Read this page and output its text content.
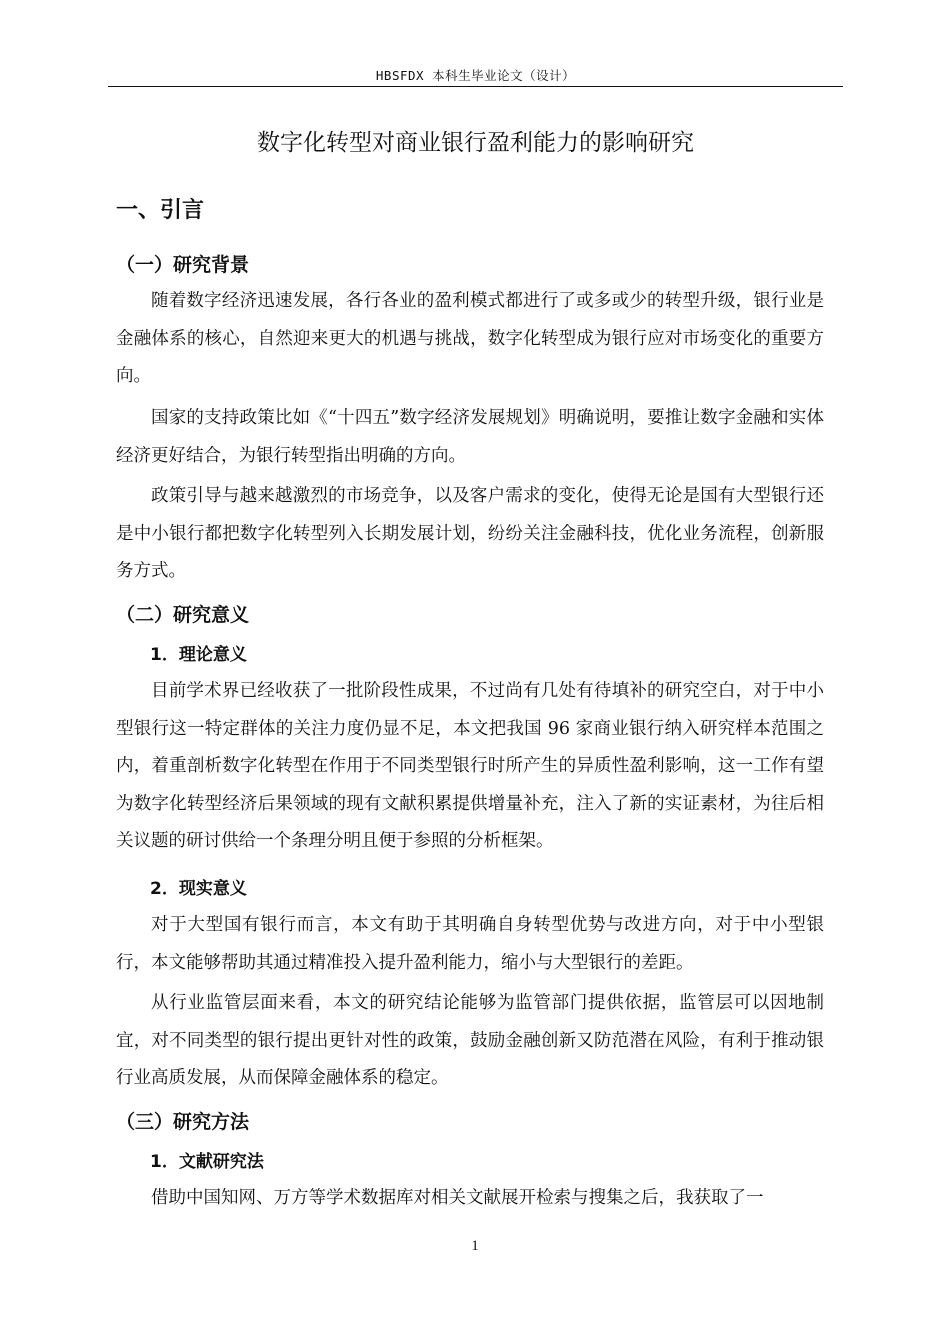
HBSFDX 本科生毕业论文（设计）
数字化转型对商业银行盈利能力的影响研究
一、引言
（一）研究背景

随着数字经济迅速发展，各行各业的盈利模式都进行了或多或少的转型升级，银行业是金融体系的核心，自然迎来更大的机遇与挑战，数字化转型成为银行应对市场变化的重要方向。

国家的支持政策比如《“十四五”数字经济发展规划》明确说明，要推让数字金融和实体经济更好结合，为银行转型指出明确的方向。

政策引导与越来越激烈的市场竞争，以及客户需求的变化，使得无论是国有大型银行还是中小银行都把数字化转型列入长期发展计划，纷纷关注金融科技，优化业务流程，创新服务方式。

（二）研究意义
1．理论意义

目前学术界已经收获了一批阶段性成果，不过尚有几处有待填补的研究空白，对于中小型银行这一特定群体的关注力度仍显不足，本文把我国 96 家商业银行纳入研究样本范围之内，着重剖析数字化转型在作用于不同类型银行时所产生的异质性盈利影响，这一工作有望为数字化转型经济后果领域的现有文献积累提供增量补充，注入了新的实证素材，为往后相关议题的研讨供给一个条理分明且便于参照的分析框架。

2．现实意义

对于大型国有银行而言，本文有助于其明确自身转型优势与改进方向，对于中小型银行，本文能够帮助其通过精准投入提升盈利能力，缩小与大型银行的差距。

从行业监管层面来看，本文的研究结论能够为监管部门提供依据，监管层可以因地制宜，对不同类型的银行提出更针对性的政策，鼓励金融创新又防范潜在风险，有利于推动银行业高质发展，从而保障金融体系的稳定。

（三）研究方法
1．文献研究法

借助中国知网、万方等学术数据库对相关文献展开检索与搜集之后，我获取了一

1
